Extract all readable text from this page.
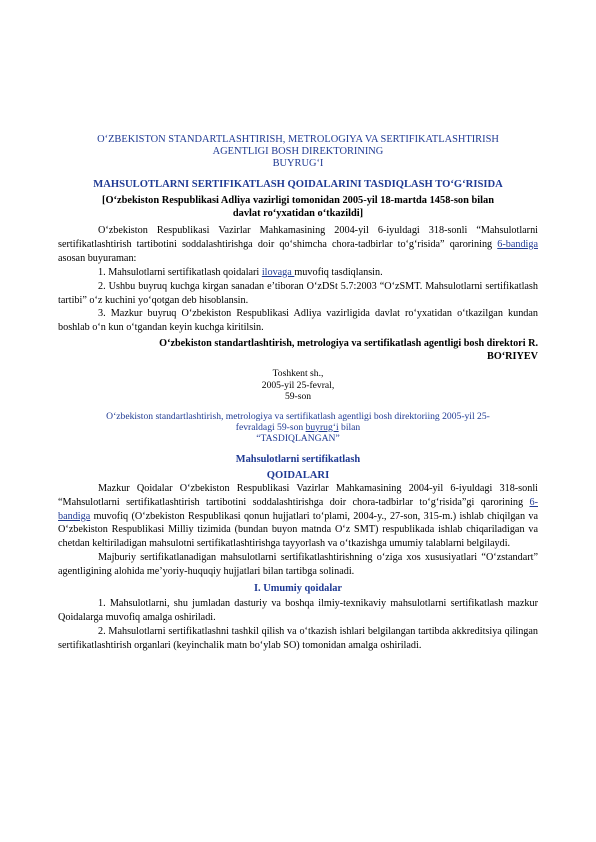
O‘ZBEKISTON STANDARTLASHTIRISH, METROLOGIYA VA SERTIFIKATLASHTIRISH
AGENTLIGI BOSH DIREKTORINING
BUYRUG‘I
MAHSULOTLARNI SERTIFIKATLASH QOIDALARINI TASDIQLASH TO‘G‘RISIDA
[O‘zbekiston Respublikasi Adliya vazirligi tomonidan 2005-yil 18-martda 1458-son bilan
davlat ro‘yxatidan o‘tkazildi]

O‘zbekiston Respublikasi Vazirlar Mahkamasining 2004-yil 6-iyuldagi 318-sonli “Mahsulotlarni sertifikatlashtirish tartibotini soddalashtirishga doir qo‘shimcha chora-tadbirlar to‘g‘risida” qarorining 6-bandiga asosan buyuraman:

1. Mahsulotlarni sertifikatlash qoidalari ilovaga muvofiq tasdiqlansin.

2. Ushbu buyruq kuchga kirgan sanadan e’tiboran O‘zDSt 5.7:2003 “O‘zSMT. Mahsulotlarni sertifikatlash tartibi” o‘z kuchini yo‘qotgan deb hisoblansin.

3. Mazkur buyruq O‘zbekiston Respublikasi Adliya vazirligida davlat ro‘yxatidan o‘tkazilgan kundan boshlab o‘n kun o‘tgandan keyin kuchga kiritilsin.

O‘zbekiston standartlashtirish, metrologiya va sertifikatlash agentligi bosh direktori R.
BO‘RIYEV
Toshkent sh.,
2005-yil 25-fevral,
59-son
O‘zbekiston standartlashtirish, metrologiya va sertifikatlash agentligi bosh direktoriing 2005-yil 25-
fevraldagi 59-son buyrug‘i bilan
“TASDIQLANGAN”
Mahsulotlarni sertifikatlash
QOIDALARI

Mazkur Qoidalar O‘zbekiston Respublikasi Vazirlar Mahkamasining 2004-yil 6-iyuldagi 318-sonli “Mahsulotlarni sertifikatlashtirish tartibotini soddalashtirishga doir chora-tadbirlar to‘g‘risida”gi qarorining 6-bandiga muvofiq (O‘zbekiston Respublikasi qonun hujjatlari to‘plami, 2004-y., 27-son, 315-m.) ishlab chiqilgan va O‘zbekiston Respublikasi Milliy tizimida (bundan buyon matnda O‘z SMT) respublikada ishlab chiqariladigan va chetdan keltiriladigan mahsulotni sertifikatlashtirishga tayyorlash va o‘tkazishga umumiy talablarni belgilaydi.

Majburiy sertifikatlanadigan mahsulotlarni sertifikatlashtirishning o‘ziga xos xususiyatlari “O‘zstandart” agentligining alohida me’yoriy-huquqiy hujjatlari bilan tartibga solinadi.

I. Umumiy qoidalar

1. Mahsulotlarni, shu jumladan dasturiy va boshqa ilmiy-texnikaviy mahsulotlarni sertifikatlash mazkur Qoidalarga muvofiq amalga oshiriladi.

2. Mahsulotlarni sertifikatlashni tashkil qilish va o‘tkazish ishlari belgilangan tartibda akkreditsiya qilingan sertifikatlashtirish organlari (keyinchalik matn bo‘ylab SO) tomonidan amalga oshiriladi.
